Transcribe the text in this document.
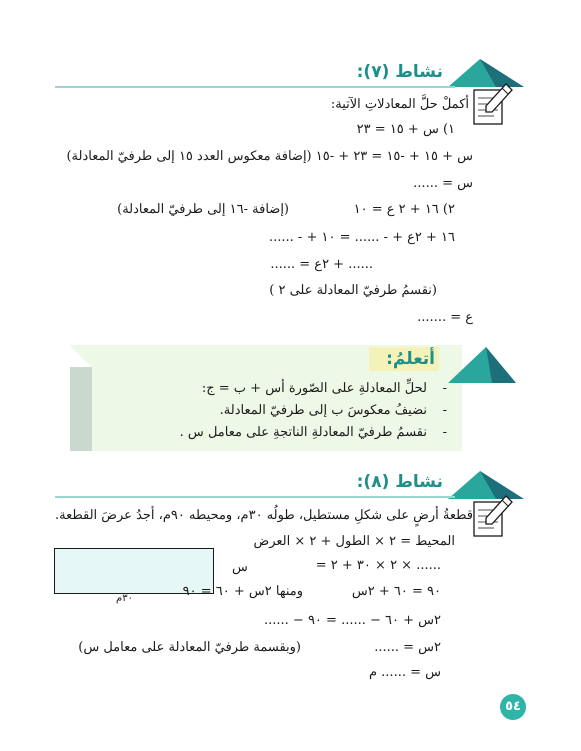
نشاط (٧):
أكملْ حلَّ المعادلاتِ الآتية:
١) س + ١٥ = ٢٣
س + ١٥ + ‎-١٥ = ٢٣ + ‎-١٥ (إضافة معكوس العدد ١٥ إلى طرفيّ المعادلة)
س = ......
٢) ١٦ + ٢ ع = ١٠
(إضافة ‎-١٦ إلى طرفيّ المعادلة)
١٦ + ٢ع + ‎- ...... = ١٠ + ‎- ......
...... + ٢ع = ......
(نقسمُ طرفيّ المعادلة على ٢ )
ع = .......
أتعلمُ:
-
لحلِّ المعادلةِ على الصّورة أس + ب = ج:
-
نضيفُ معكوسَ ب إلى طرفيّ المعادلة.
-
نقسمُ طرفيّ المعادلةِ الناتجةِ على معامل س .
نشاط (٨):
قطعةُ أرضٍ على شكلِ مستطيل، طولُه ٣٠م، ومحيطه ٩٠م، أجدُ عرضَ القطعة.
المحيط = ٢ × الطول + ٢ × العرض
س
٣٠م
= ٢ × ٣٠ + ٢ × ......
٩٠ = ٦٠ + ٢س
ومنها ٢س + ٦٠ = ٩٠
٢س + ٦٠ − ...... = ٩٠ − ......
٢س = ......
(وبقسمة طرفيّ المعادلة على معامل س)
س = ...... م
٥٤
